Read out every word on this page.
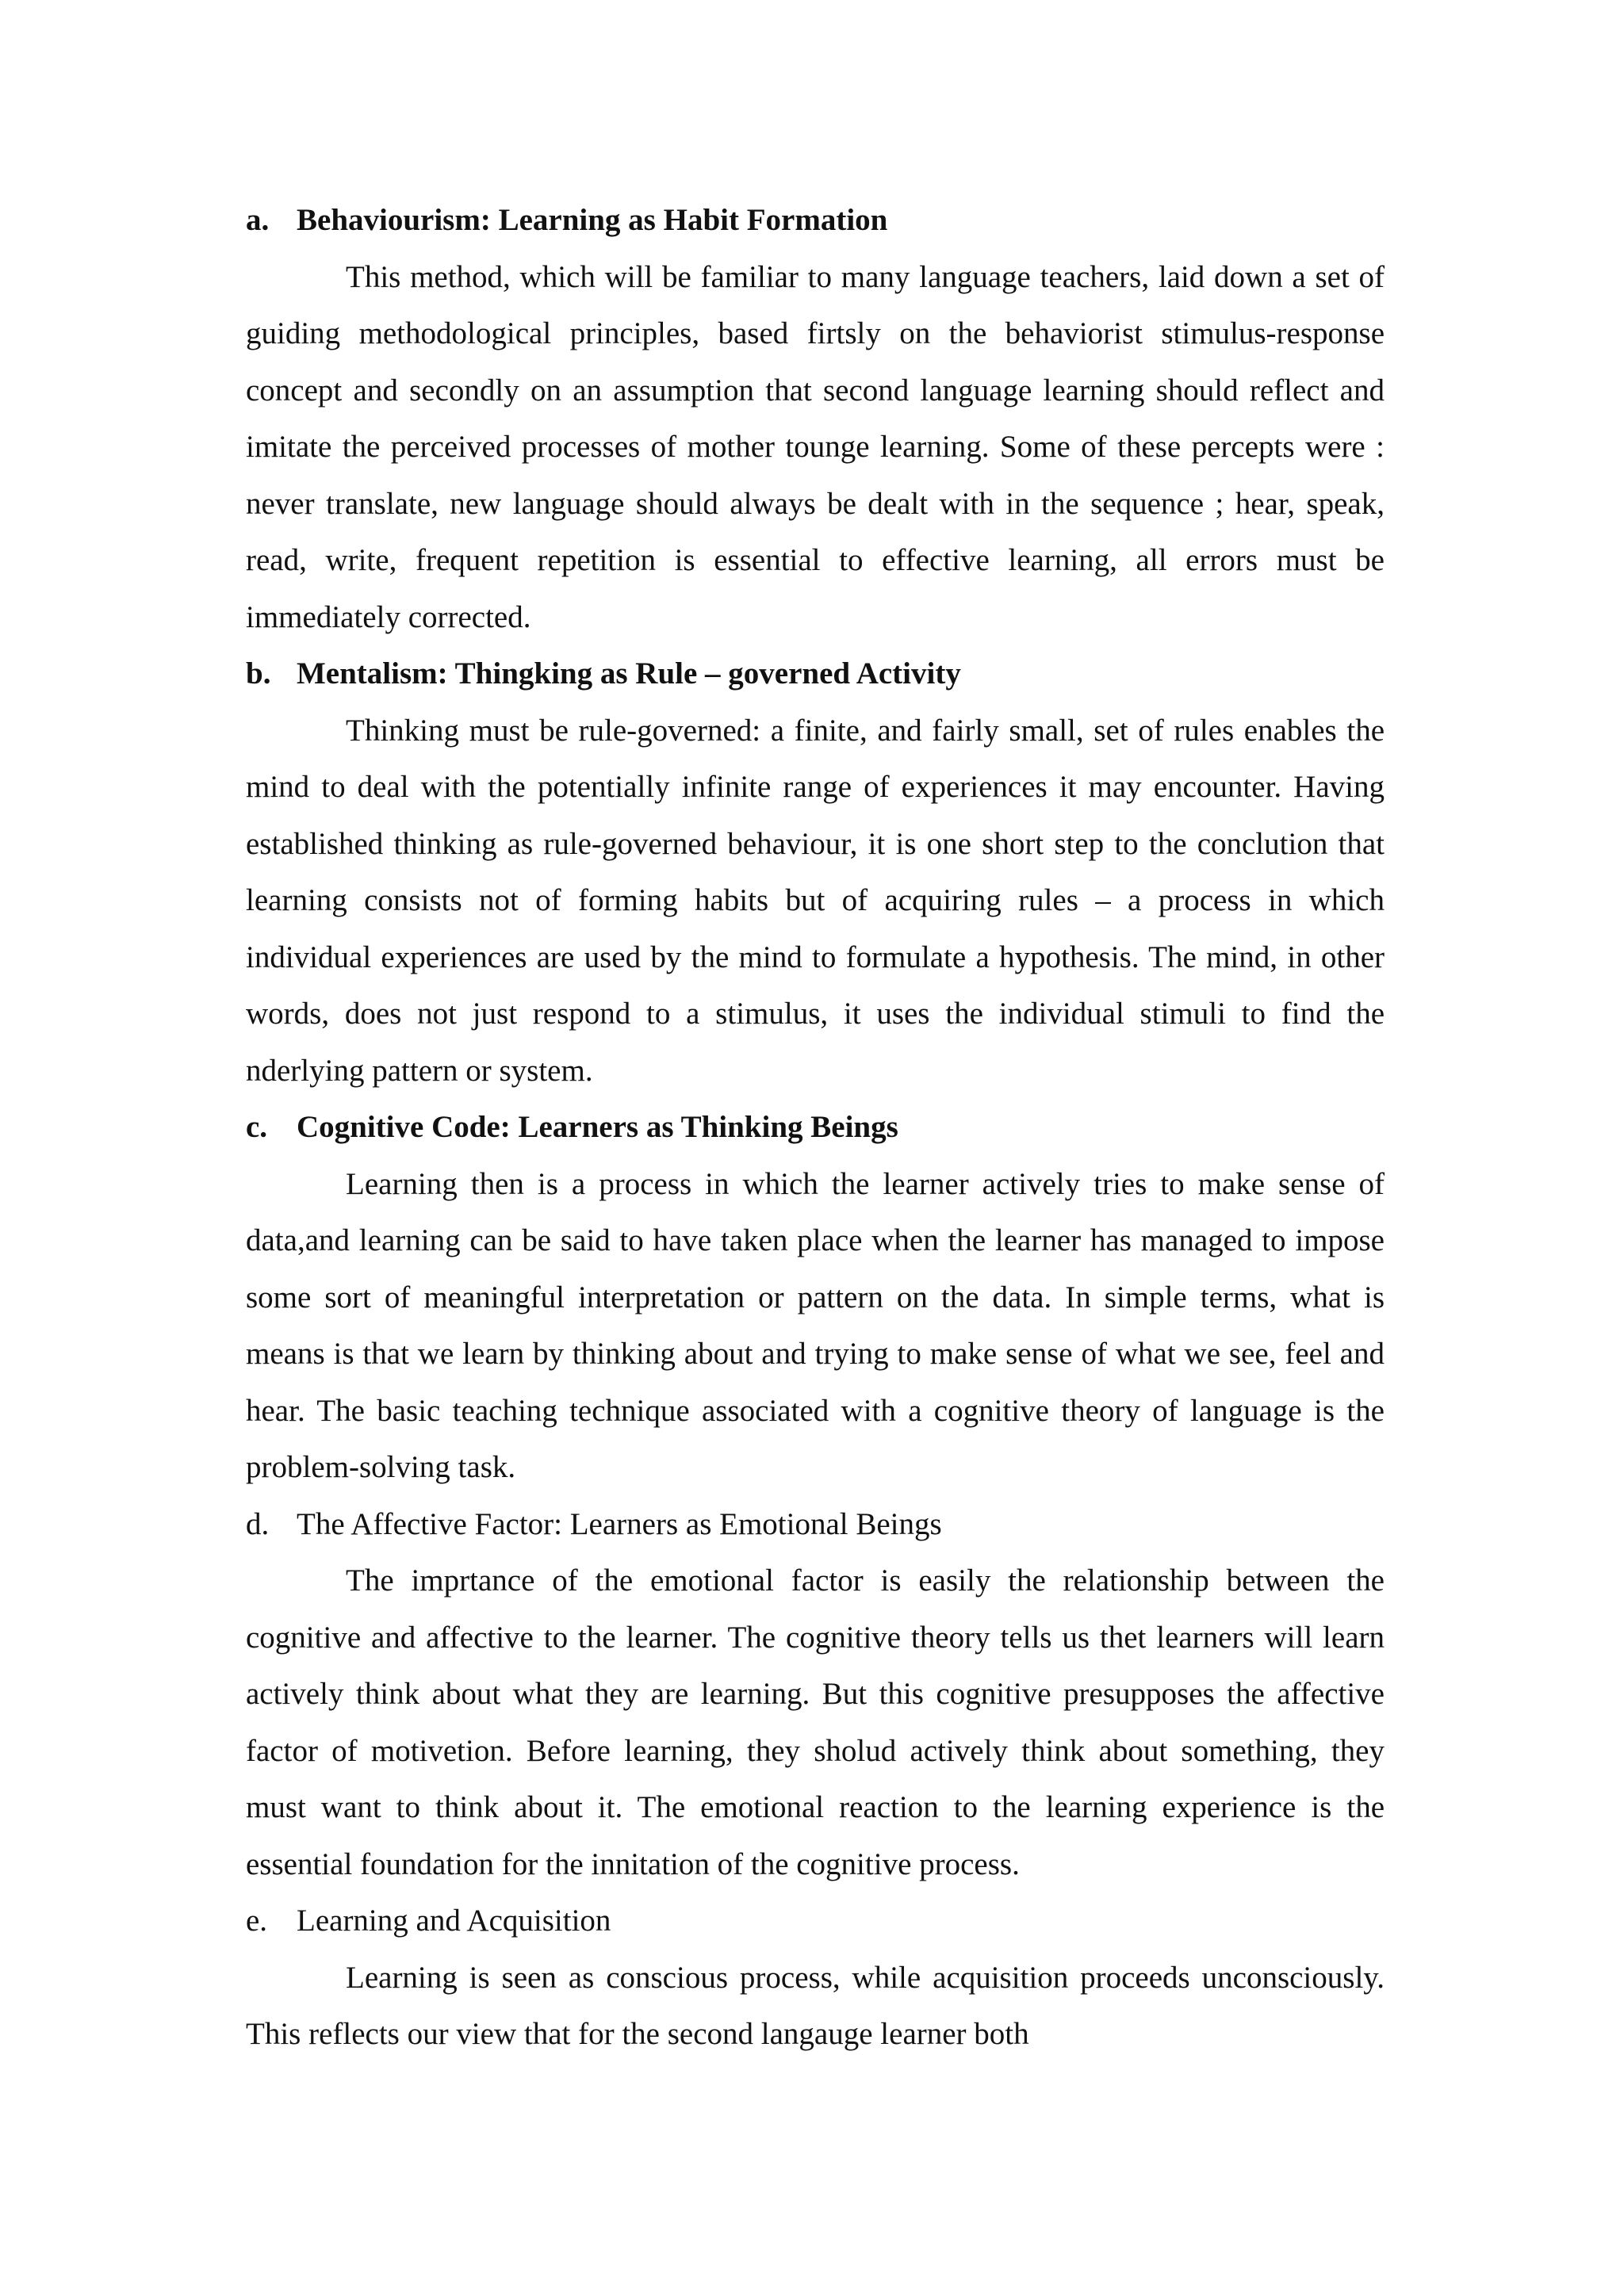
a. Behaviourism: Learning as Habit Formation

This method, which will be familiar to many language teachers, laid down a set of guiding methodological principles, based firtsly on the behaviorist stimulus-response concept and secondly on an assumption that second language learning should reflect and imitate the perceived processes of mother tounge learning. Some of these percepts were : never translate, new language should always be dealt with in the sequence ; hear, speak, read, write, frequent repetition is essential to effective learning, all errors must be immediately corrected.

b. Mentalism: Thingking as Rule – governed Activity

Thinking must be rule-governed: a finite, and fairly small, set of rules enables the mind to deal with the potentially infinite range of experiences it may encounter. Having established thinking as rule-governed behaviour, it is one short step to the conclution that learning consists not of forming habits but of acquiring rules – a process in which individual experiences are used by the mind to formulate a hypothesis. The mind, in other words, does not just respond to a stimulus, it uses the individual stimuli to find the nderlying pattern or system.

c. Cognitive Code: Learners as Thinking Beings

Learning then is a process in which the learner actively tries to make sense of data,and learning can be said to have taken place when the learner has managed to impose some sort of meaningful interpretation or pattern on the data. In simple terms, what is means is that we learn by thinking about and trying to make sense of what we see, feel and hear. The basic teaching technique associated with a cognitive theory of language is the problem-solving task.

d. The Affective Factor: Learners as Emotional Beings

The imprtance of the emotional factor is easily the relationship between the cognitive and affective to the learner. The cognitive theory tells us thet learners will learn actively think about what they are learning. But this cognitive presupposes the affective factor of motivetion. Before learning, they sholud actively think about something, they must want to think about it. The emotional reaction to the learning experience is the essential foundation for the innitation of the cognitive process.

e. Learning and Acquisition

Learning is seen as conscious process, while acquisition proceeds unconsciously. This reflects our view that for the second langauge learner both
